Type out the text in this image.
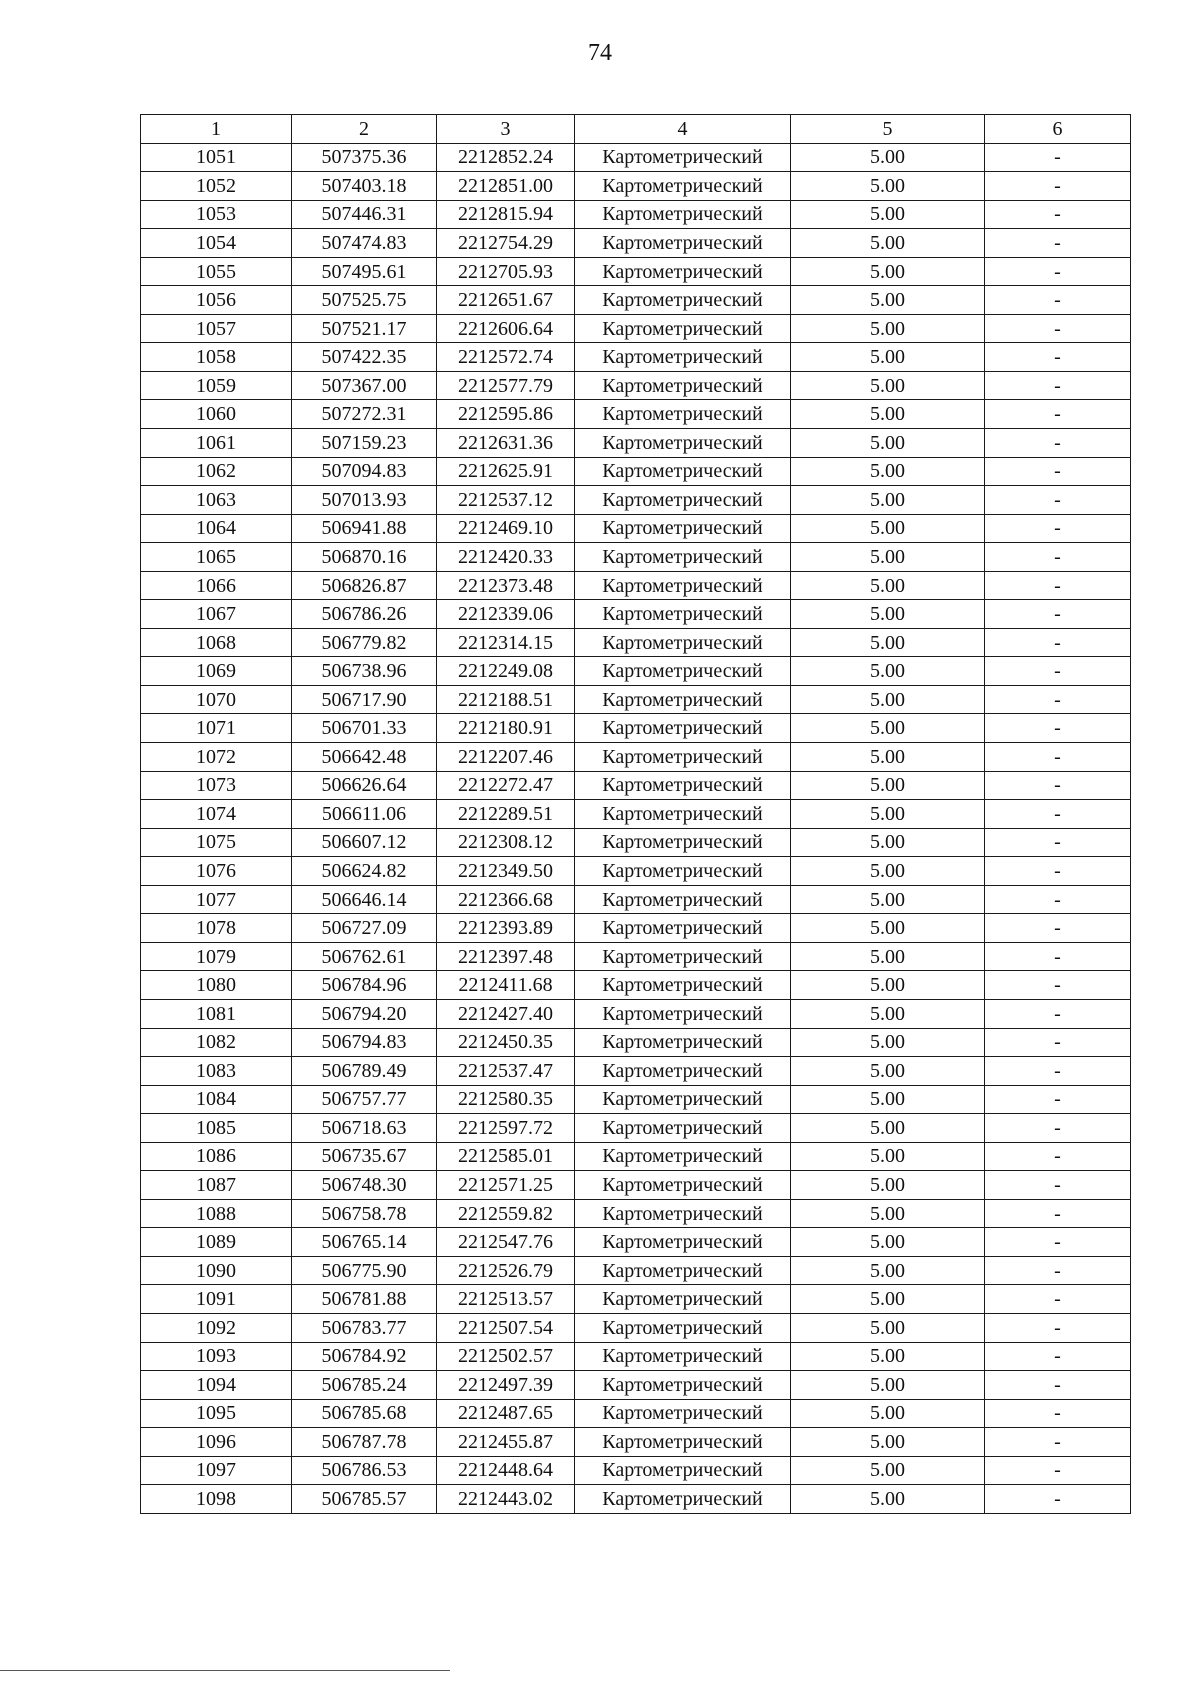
74
1	2	3	4	5	6
1051	507375.36	2212852.24	Картометрический	5.00	-
1052	507403.18	2212851.00	Картометрический	5.00	-
1053	507446.31	2212815.94	Картометрический	5.00	-
1054	507474.83	2212754.29	Картометрический	5.00	-
1055	507495.61	2212705.93	Картометрический	5.00	-
1056	507525.75	2212651.67	Картометрический	5.00	-
1057	507521.17	2212606.64	Картометрический	5.00	-
1058	507422.35	2212572.74	Картометрический	5.00	-
1059	507367.00	2212577.79	Картометрический	5.00	-
1060	507272.31	2212595.86	Картометрический	5.00	-
1061	507159.23	2212631.36	Картометрический	5.00	-
1062	507094.83	2212625.91	Картометрический	5.00	-
1063	507013.93	2212537.12	Картометрический	5.00	-
1064	506941.88	2212469.10	Картометрический	5.00	-
1065	506870.16	2212420.33	Картометрический	5.00	-
1066	506826.87	2212373.48	Картометрический	5.00	-
1067	506786.26	2212339.06	Картометрический	5.00	-
1068	506779.82	2212314.15	Картометрический	5.00	-
1069	506738.96	2212249.08	Картометрический	5.00	-
1070	506717.90	2212188.51	Картометрический	5.00	-
1071	506701.33	2212180.91	Картометрический	5.00	-
1072	506642.48	2212207.46	Картометрический	5.00	-
1073	506626.64	2212272.47	Картометрический	5.00	-
1074	506611.06	2212289.51	Картометрический	5.00	-
1075	506607.12	2212308.12	Картометрический	5.00	-
1076	506624.82	2212349.50	Картометрический	5.00	-
1077	506646.14	2212366.68	Картометрический	5.00	-
1078	506727.09	2212393.89	Картометрический	5.00	-
1079	506762.61	2212397.48	Картометрический	5.00	-
1080	506784.96	2212411.68	Картометрический	5.00	-
1081	506794.20	2212427.40	Картометрический	5.00	-
1082	506794.83	2212450.35	Картометрический	5.00	-
1083	506789.49	2212537.47	Картометрический	5.00	-
1084	506757.77	2212580.35	Картометрический	5.00	-
1085	506718.63	2212597.72	Картометрический	5.00	-
1086	506735.67	2212585.01	Картометрический	5.00	-
1087	506748.30	2212571.25	Картометрический	5.00	-
1088	506758.78	2212559.82	Картометрический	5.00	-
1089	506765.14	2212547.76	Картометрический	5.00	-
1090	506775.90	2212526.79	Картометрический	5.00	-
1091	506781.88	2212513.57	Картометрический	5.00	-
1092	506783.77	2212507.54	Картометрический	5.00	-
1093	506784.92	2212502.57	Картометрический	5.00	-
1094	506785.24	2212497.39	Картометрический	5.00	-
1095	506785.68	2212487.65	Картометрический	5.00	-
1096	506787.78	2212455.87	Картометрический	5.00	-
1097	506786.53	2212448.64	Картометрический	5.00	-
1098	506785.57	2212443.02	Картометрический	5.00	-
